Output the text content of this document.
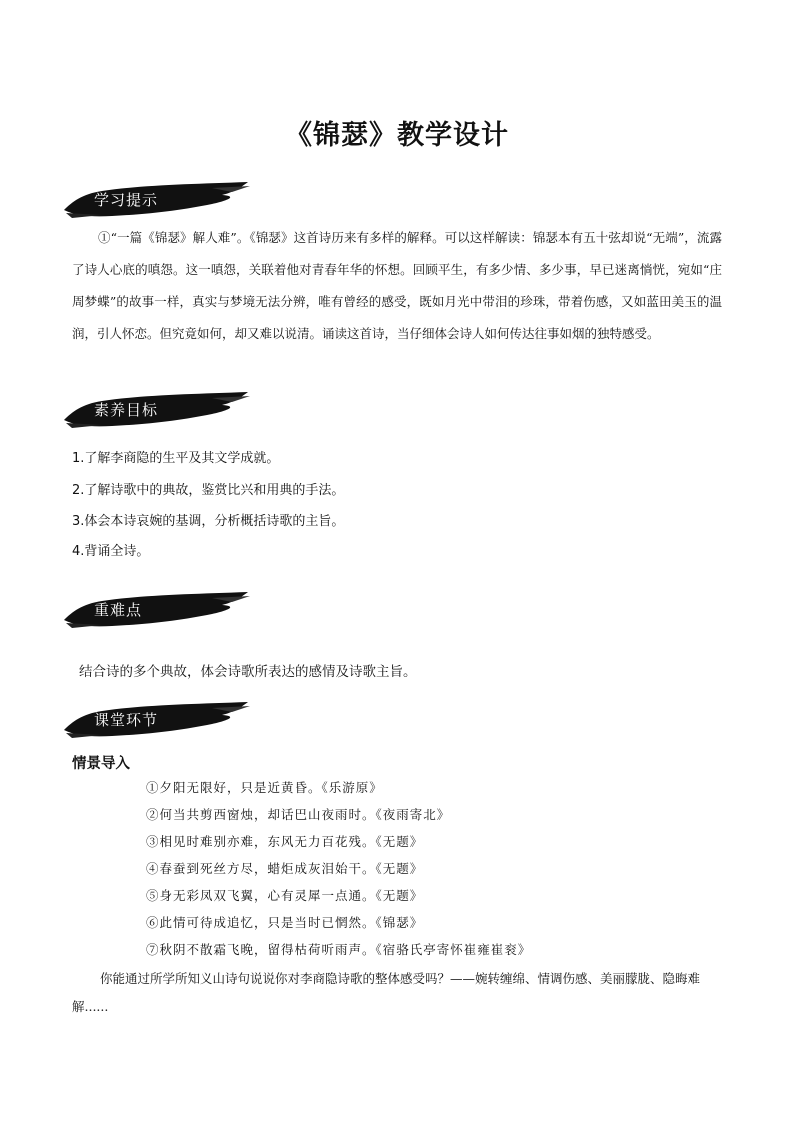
《锦瑟》教学设计
学习提示
①“一篇《锦瑟》解人难”。《锦瑟》这首诗历来有多样的解释。可以这样解读：锦瑟本有五十弦却说“无端”，流露了诗人心底的嗔怨。这一嗔怨，关联着他对青春年华的怀想。回顾平生，有多少情、多少事，早已迷离惝恍，宛如“庄周梦蝶”的故事一样，真实与梦境无法分辨，唯有曾经的感受，既如月光中带泪的珍珠，带着伤感，又如蓝田美玉的温润，引人怀恋。但究竟如何，却又难以说清。诵读这首诗，当仔细体会诗人如何传达往事如烟的独特感受。
素养目标
1.了解李商隐的生平及其文学成就。
2.了解诗歌中的典故，鉴赏比兴和用典的手法。
3.体会本诗哀婉的基调，分析概括诗歌的主旨。
4.背诵全诗。
重难点
结合诗的多个典故，体会诗歌所表达的感情及诗歌主旨。
课堂环节
情景导入
①夕阳无限好，只是近黄昏。《乐游原》
②何当共剪西窗烛，却话巴山夜雨时。《夜雨寄北》
③相见时难别亦难，东风无力百花残。《无题》
④春蚕到死丝方尽，蜡炬成灰泪始干。《无题》
⑤身无彩凤双飞翼，心有灵犀一点通。《无题》
⑥此情可待成追忆，只是当时已惘然。《锦瑟》
⑦秋阴不散霜飞晚，留得枯荷听雨声。《宿骆氏亭寄怀崔雍崔衮》
你能通过所学所知义山诗句说说你对李商隐诗歌的整体感受吗？——婉转缠绵、情调伤感、美丽朦胧、隐晦难解......
